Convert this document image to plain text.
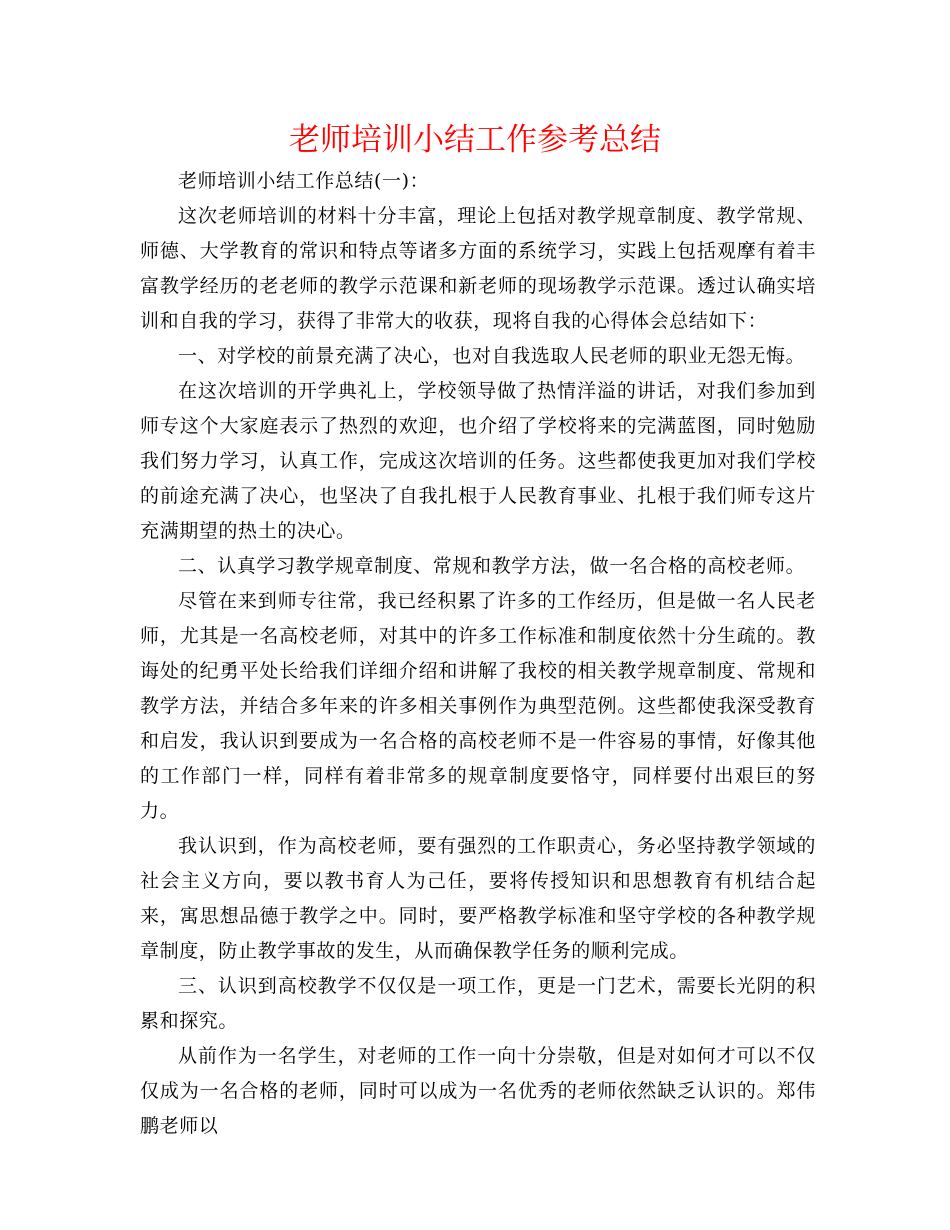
老师培训小结工作参考总结

老师培训小结工作总结(一)：

这次老师培训的材料十分丰富，理论上包括对教学规章制度、教学常规、师德、大学教育的常识和特点等诸多方面的系统学习，实践上包括观摩有着丰富教学经历的老老师的教学示范课和新老师的现场教学示范课。透过认确实培训和自我的学习，获得了非常大的收获，现将自我的心得体会总结如下：

一、对学校的前景充满了决心，也对自我选取人民老师的职业无怨无悔。

在这次培训的开学典礼上，学校领导做了热情洋溢的讲话，对我们参加到师专这个大家庭表示了热烈的欢迎，也介绍了学校将来的完满蓝图，同时勉励我们努力学习，认真工作，完成这次培训的任务。这些都使我更加对我们学校的前途充满了决心，也坚决了自我扎根于人民教育事业、扎根于我们师专这片充满期望的热土的决心。

二、认真学习教学规章制度、常规和教学方法，做一名合格的高校老师。

尽管在来到师专往常，我已经积累了许多的工作经历，但是做一名人民老师，尤其是一名高校老师，对其中的许多工作标准和制度依然十分生疏的。教诲处的纪勇平处长给我们详细介绍和讲解了我校的相关教学规章制度、常规和教学方法，并结合多年来的许多相关事例作为典型范例。这些都使我深受教育和启发，我认识到要成为一名合格的高校老师不是一件容易的事情，好像其他的工作部门一样，同样有着非常多的规章制度要恪守，同样要付出艰巨的努力。

我认识到，作为高校老师，要有强烈的工作职责心，务必坚持教学领域的社会主义方向，要以教书育人为己任，要将传授知识和思想教育有机结合起来，寓思想品德于教学之中。同时，要严格教学标准和坚守学校的各种教学规章制度，防止教学事故的发生，从而确保教学任务的顺利完成。

三、认识到高校教学不仅仅是一项工作，更是一门艺术，需要长光阴的积累和探究。

从前作为一名学生，对老师的工作一向十分崇敬，但是对如何才可以不仅仅成为一名合格的老师，同时可以成为一名优秀的老师依然缺乏认识的。郑伟鹏老师以
